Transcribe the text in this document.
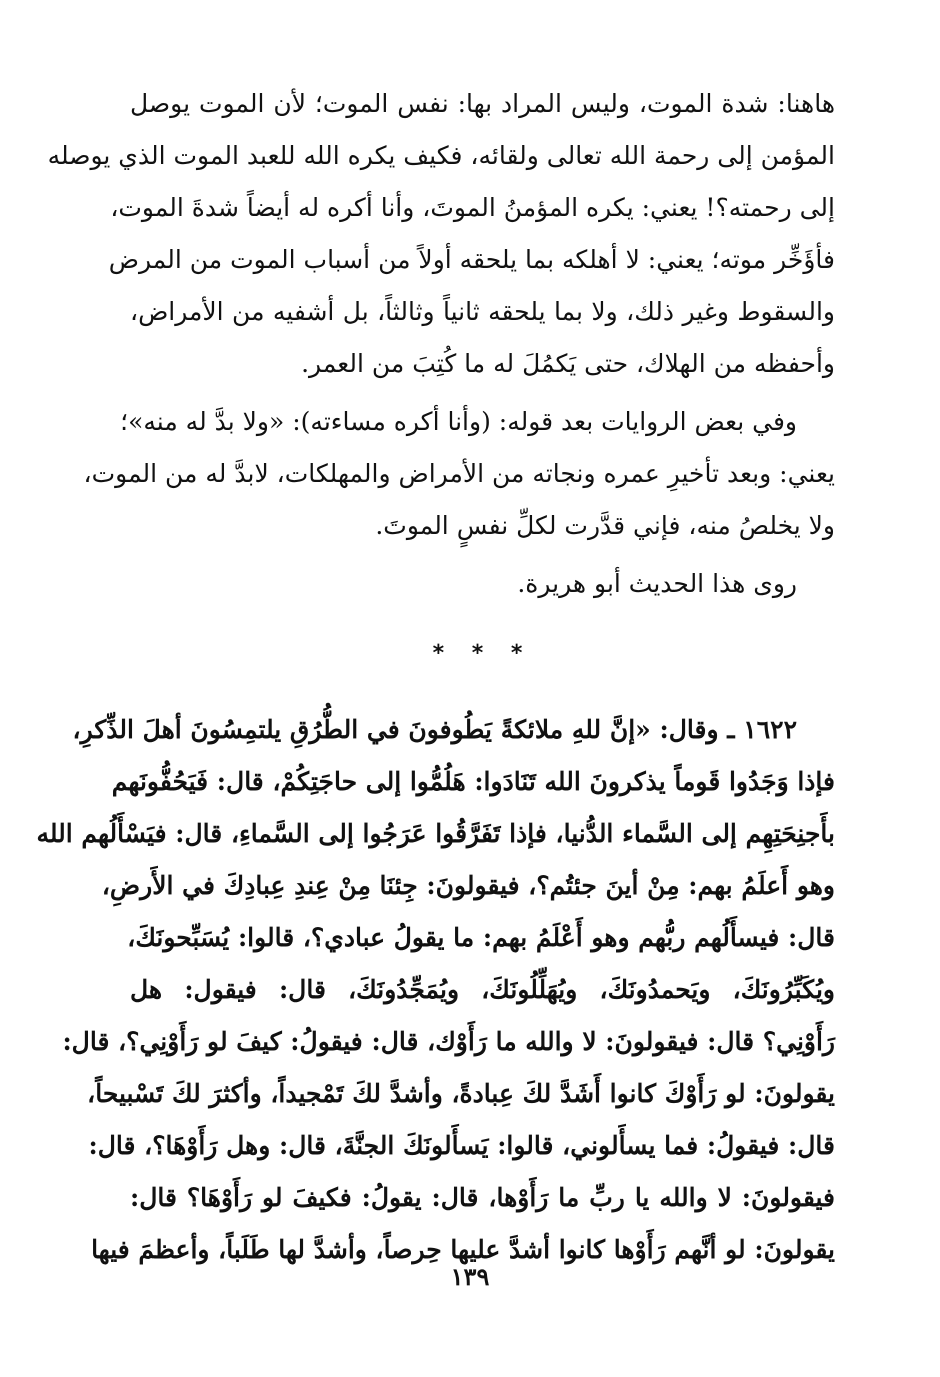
هاهنا: شدة الموت، وليس المراد بها: نفس الموت؛ لأن الموت يوصل
المؤمن إلى رحمة الله تعالى ولقائه، فكيف يكره الله للعبد الموت الذي يوصله
إلى رحمته؟! يعني: يكره المؤمنُ الموتَ، وأنا أكره له أيضاً شدةَ الموت،
فأؤَخِّر موته؛ يعني: لا أهلكه بما يلحقه أولاً من أسباب الموت من المرض
والسقوط وغير ذلك، ولا بما يلحقه ثانياً وثالثاً، بل أشفيه من الأمراض،
وأحفظه من الهلاك، حتى يَكمُلَ له ما كُتِبَ من العمر.
وفي بعض الروايات بعد قوله: (وأنا أكره مساءته): «ولا بدَّ له منه»؛
يعني: وبعد تأخيرِ عمره ونجاته من الأمراض والمهلكات، لابدَّ له من الموت،
ولا يخلصُ منه، فإني قدَّرت لكلِّ نفسٍ الموتَ.
روى هذا الحديث أبو هريرة.
* * *
١٦٢٢ ـ وقال: «إنَّ للهِ ملائكةً يَطُوفونَ في الطُّرُقِ يلتمِسُونَ أهلَ الذِّكرِ،
فإذا وَجَدُوا قَوماً يذكرونَ الله تَنَادَوا: هَلُمُّوا إلى حاجَتِكُمْ، قال: فَيَحُفُّونَهم
بأَجنِحَتِهِم إلى السَّماء الدُّنيا، فإذا تَفَرَّقُوا عَرَجُوا إلى السَّماءِ، قال: فيَسْأَلُهم الله
وهو أَعلَمُ بهم: مِنْ أينَ جئتُم؟، فيقولونَ: جِئنَا مِنْ عِندِ عِبادِكَ في الأَرضِ،
قال: فيسأَلُهم ربُّهم وهو أَعْلَمُ بهم: ما يقولُ عبادي؟، قالوا: يُسَبِّحونَكَ،
ويُكَبِّرُونَكَ، ويَحمدُونَكَ، ويُهَلِّلُونَكَ، ويُمَجِّدُونَكَ، قال: فيقول: هل
رَأَوْنِي؟ قال: فيقولونَ: لا والله ما رَأَوْك، قال: فيقولُ: كيفَ لو رَأَوْنِي؟، قال:
يقولونَ: لو رَأَوْكَ كانوا أَشَدَّ لكَ عِبادةً، وأشدَّ لكَ تَمْجيداً، وأكثرَ لكَ تَسْبيحاً،
قال: فيقولُ: فما يسأَلوني، قالوا: يَسأَلونَكَ الجنَّةَ، قال: وهل رَأَوْهَا؟، قال:
فيقولونَ: لا والله يا ربِّ ما رَأَوْها، قال: يقولُ: فكيفَ لو رَأَوْهَا؟ قال:
يقولونَ: لو أنَّهم رَأَوْها كانوا أشدَّ عليها حِرصاً، وأشدَّ لها طَلَباً، وأعظمَ فيها
١٣٩
